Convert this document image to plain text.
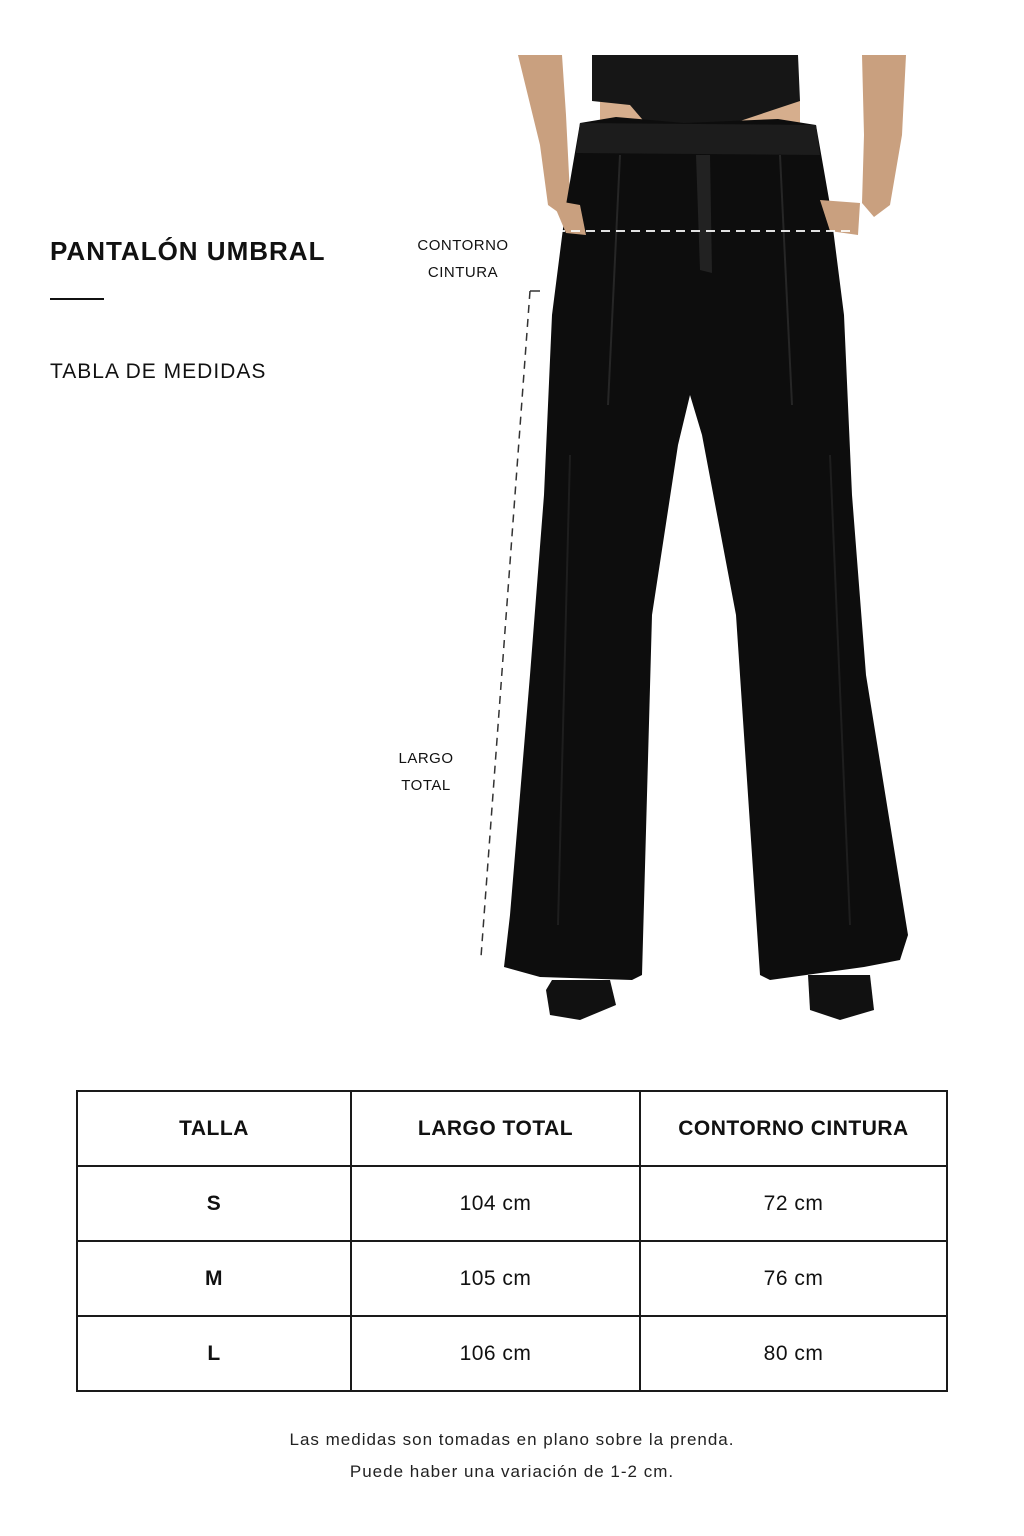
PANTALÓN UMBRAL
TABLA DE MEDIDAS
CONTORNO
CINTURA
LARGO
TOTAL
TALLA	LARGO TOTAL	CONTORNO CINTURA
S	104 cm	72 cm
M	105 cm	76 cm
L	106 cm	80 cm
Las medidas son tomadas en plano sobre la prenda.
Puede haber una variación de 1-2 cm.
